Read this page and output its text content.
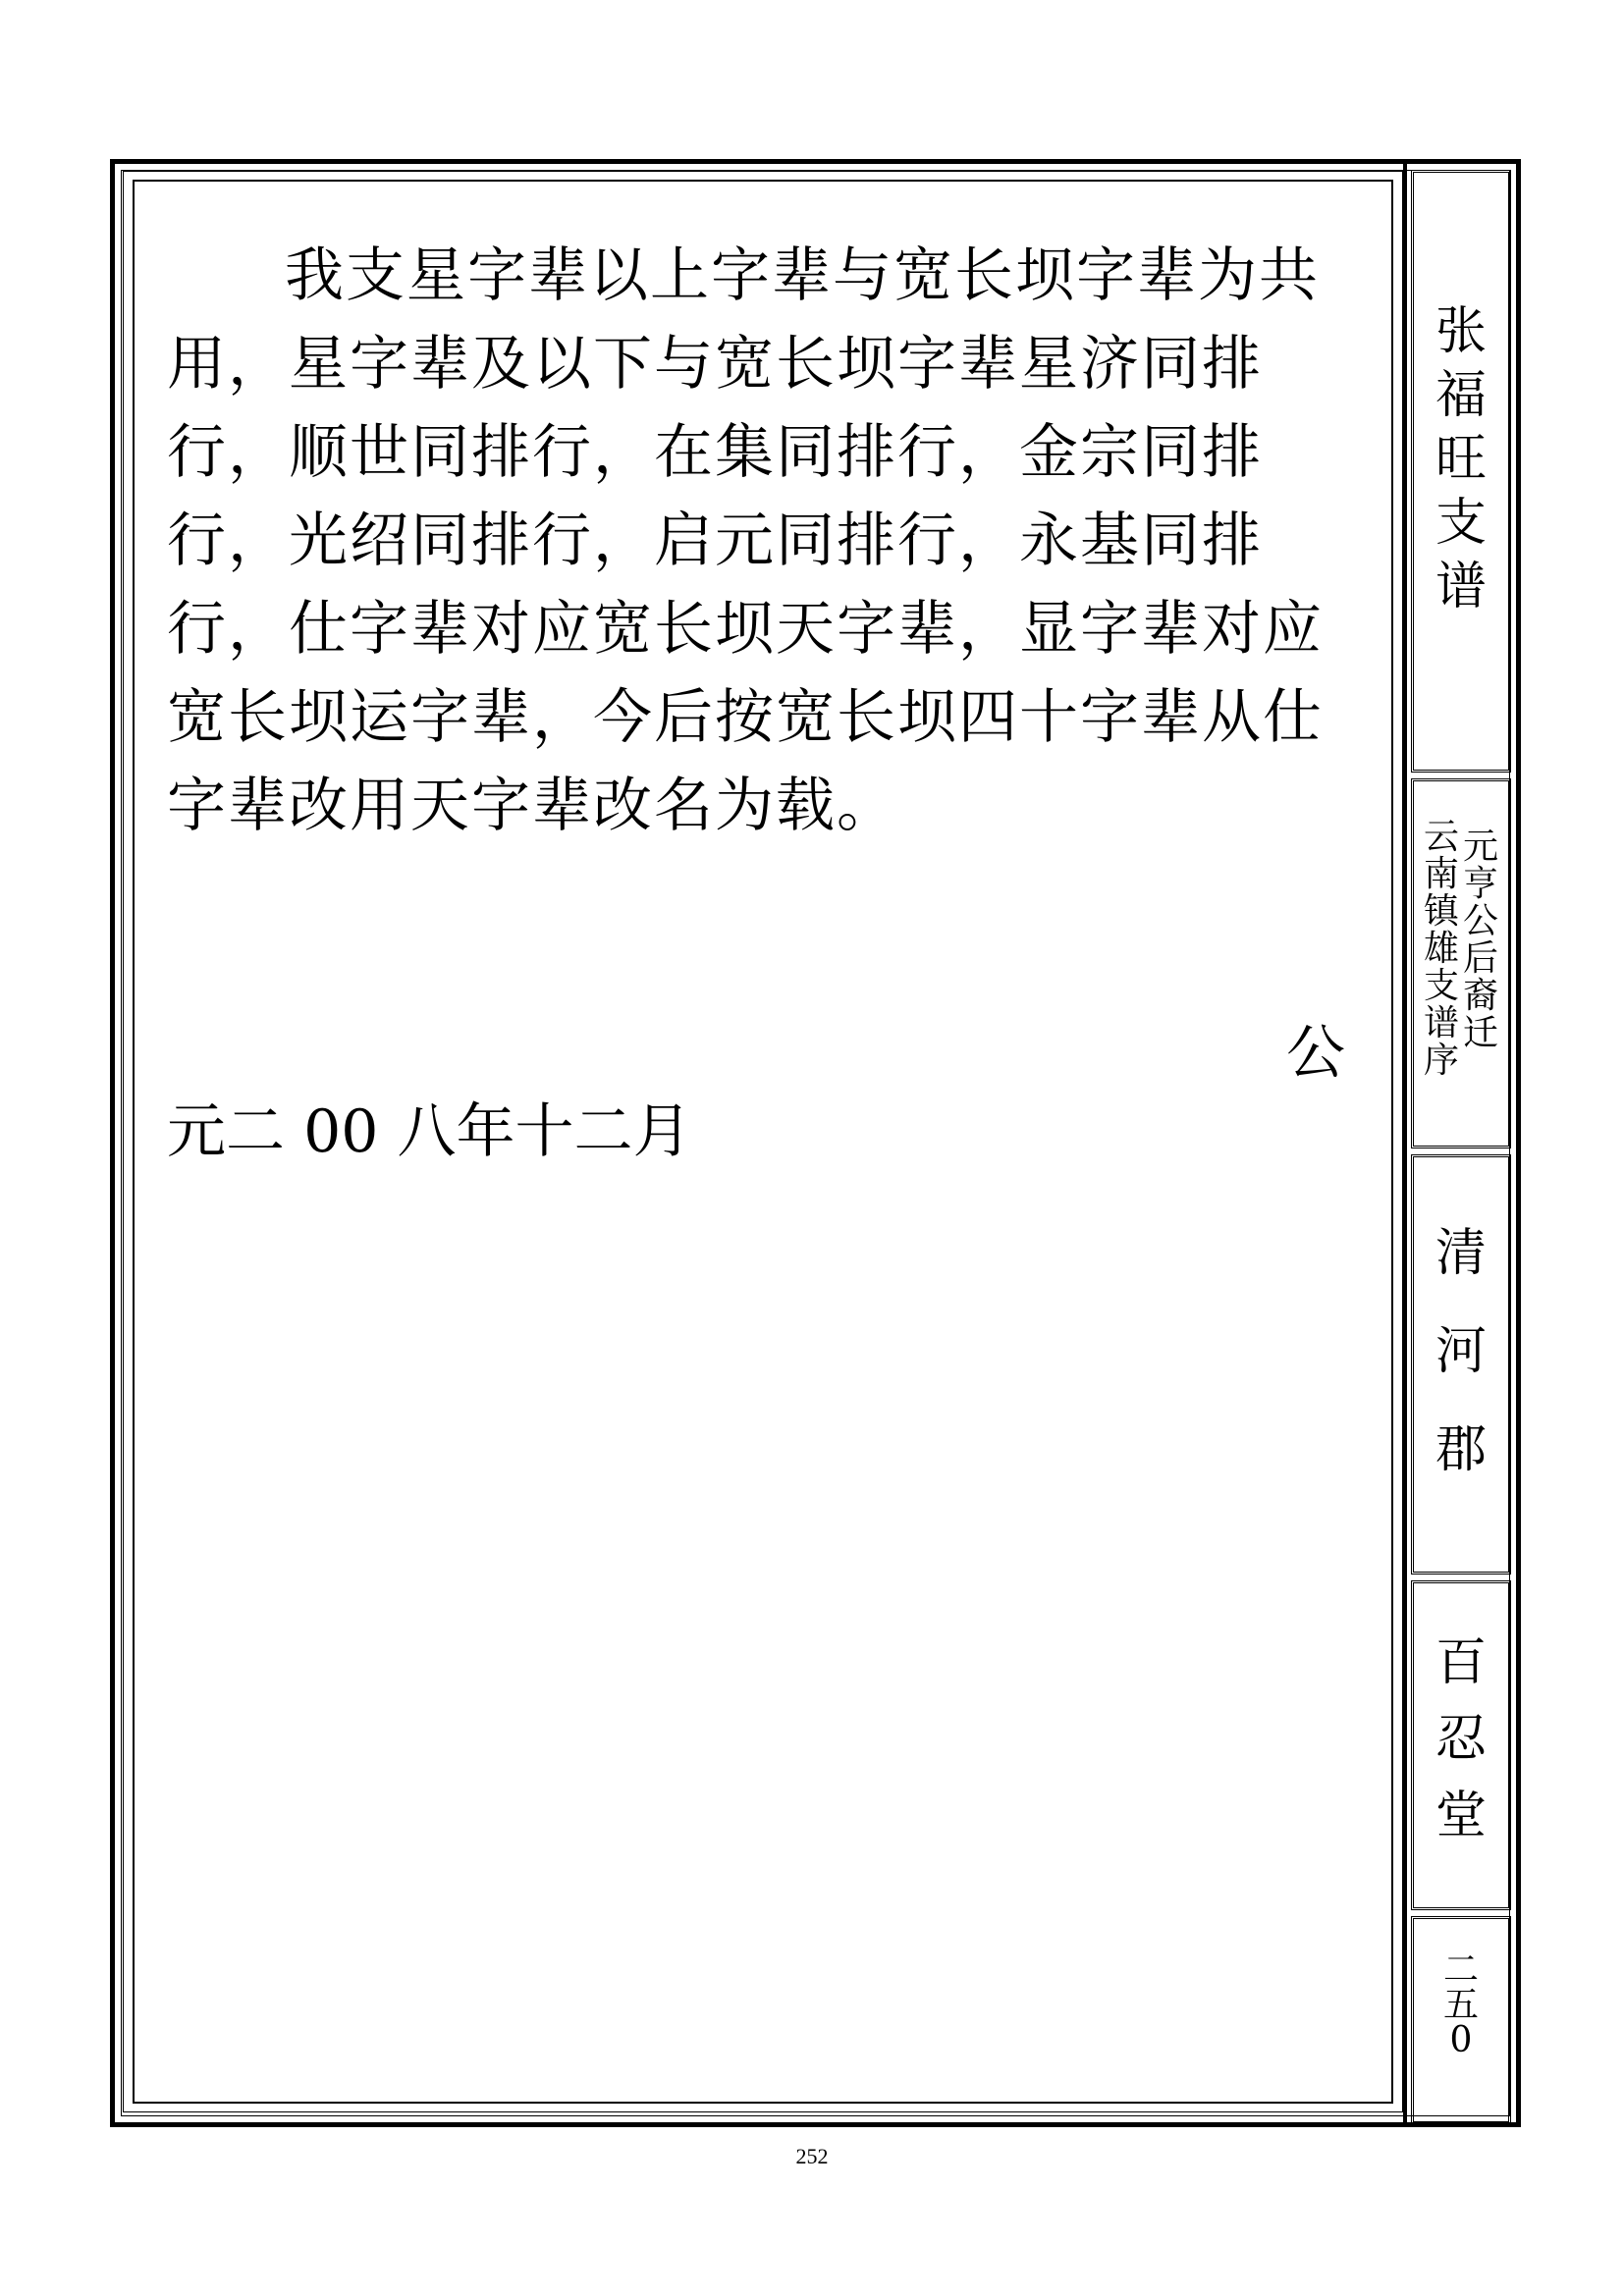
张
福
旺
支
谱
元
亨
公
后
裔
迁
云
南
镇
雄
支
谱
序
清
河
郡
百
忍
堂
二
五
0

我支星字辈以上字辈与宽长坝字辈为共用，星字辈及以下与宽长坝字辈星济同排行，顺世同排行，在集同排行，金宗同排行，光绍同排行，启元同排行，永基同排行，仕字辈对应宽长坝天字辈，显字辈对应宽长坝运字辈，今后按宽长坝四十字辈从仕字辈改用天字辈改名为载。

公
元二 00 八年十二月
252
